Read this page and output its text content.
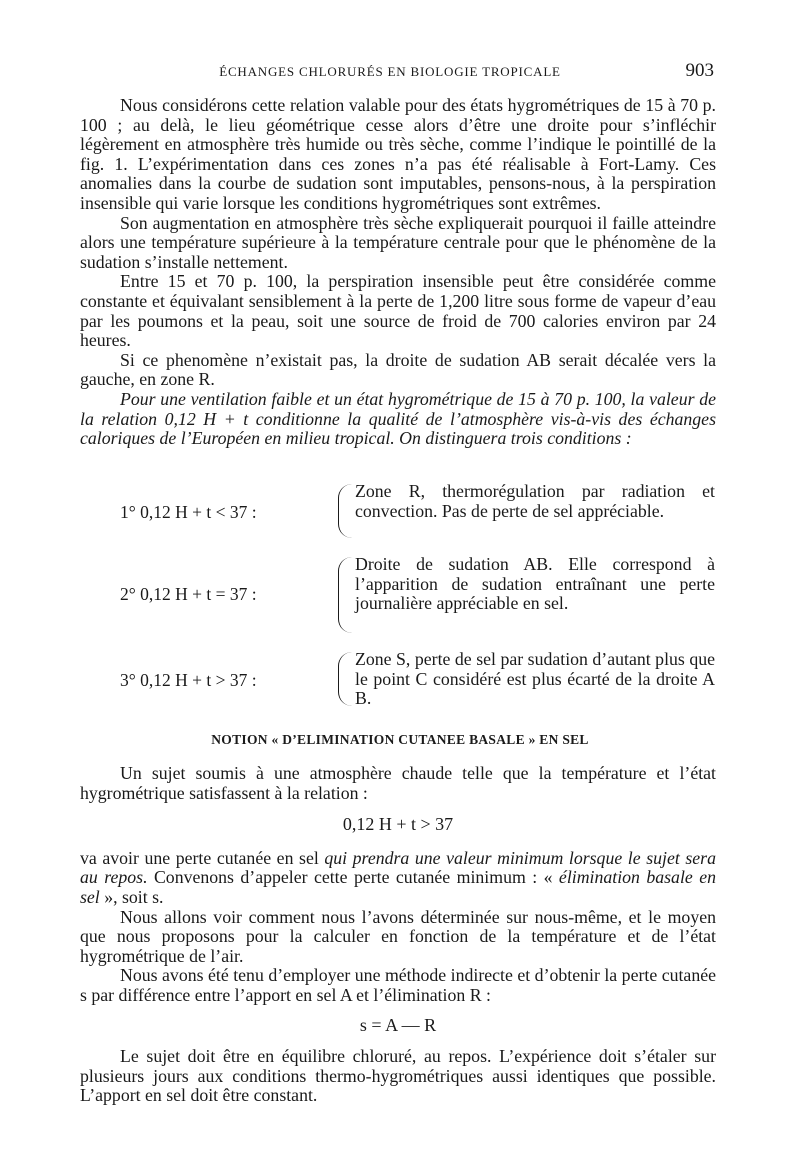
ÉCHANGES CHLORURÉS EN BIOLOGIE TROPICALE	903

Nous considérons cette relation valable pour des états hygrométriques de 15 à 70 p. 100 ; au delà, le lieu géométrique cesse alors d’être une droite pour s’infléchir légèrement en atmosphère très humide ou très sèche, comme l’indique le pointillé de la fig. 1. L’expérimentation dans ces zones n’a pas été réalisable à Fort-Lamy. Ces anomalies dans la courbe de sudation sont imputables, pensons-nous, à la perspiration insensible qui varie lorsque les conditions hygrométriques sont extrêmes.

Son augmentation en atmosphère très sèche expliquerait pourquoi il faille atteindre alors une température supérieure à la température centrale pour que le phénomène de la sudation s’installe nettement.

Entre 15 et 70 p. 100, la perspiration insensible peut être considérée comme constante et équivalant sensiblement à la perte de 1,200 litre sous forme de vapeur d’eau par les poumons et la peau, soit une source de froid de 700 calories environ par 24 heures.

Si ce phenomène n’existait pas, la droite de sudation AB serait décalée vers la gauche, en zone R.

Pour une ventilation faible et un état hygrométrique de 15 à 70 p. 100, la valeur de la relation 0,12 H + t conditionne la qualité de l’atmosphère vis-à-vis des échanges caloriques de l’Européen en milieu tropical. On distinguera trois conditions :

1° 0,12 H + t < 37 :
Zone R, thermorégulation par radiation et convection. Pas de perte de sel appréciable.
2° 0,12 H + t = 37 :
Droite de sudation AB. Elle correspond à l’apparition de sudation entraînant une perte journalière appréciable en sel.
3° 0,12 H + t > 37 :
Zone S, perte de sel par sudation d’autant plus que le point C considéré est plus écarté de la droite A B.
NOTION « D’ELIMINATION CUTANEE BASALE » EN SEL

Un sujet soumis à une atmosphère chaude telle que la température et l’état hygrométrique satisfassent à la relation :

0,12 H + t > 37

va avoir une perte cutanée en sel qui prendra une valeur minimum lorsque le sujet sera au repos. Convenons d’appeler cette perte cutanée minimum : « élimination basale en sel », soit s.

Nous allons voir comment nous l’avons déterminée sur nous-même, et le moyen que nous proposons pour la calculer en fonction de la température et de l’état hygrométrique de l’air.

Nous avons été tenu d’employer une méthode indirecte et d’obtenir la perte cutanée s par différence entre l’apport en sel A et l’élimination R :

s = A — R

Le sujet doit être en équilibre chloruré, au repos. L’expérience doit s’étaler sur plusieurs jours aux conditions thermo-hygrométriques aussi identiques que possible. L’apport en sel doit être constant.
